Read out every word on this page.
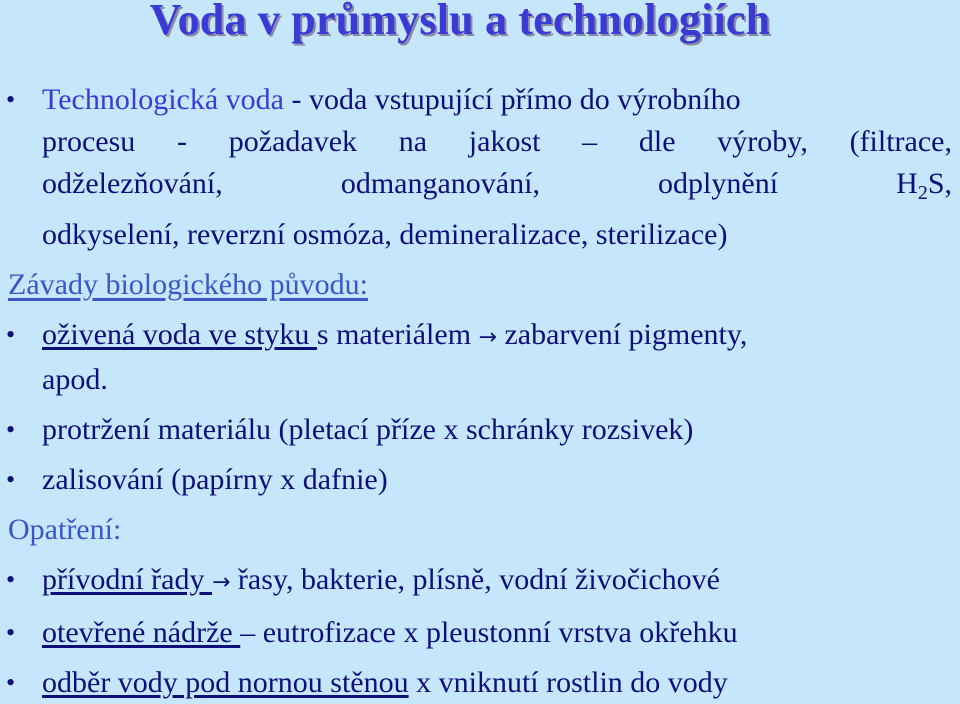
Voda v průmyslu a technologiích
• Technologická voda - voda vstupující přímo do výrobního
procesu - požadavek na jakost – dle výroby, (filtrace,
odželezňování, odmanganování, odplynění $H_2S$,
odkyselení, reverzní osmóza, demineralizace, sterilizace)
Závady biologického původu:
• oživená voda ve styku s materiálem → zabarvení pigmenty,
apod.
• protržení materiálu (pletací příze x schránky rozsivek)
• zalisování (papírny x dafnie)
Opatření:
• přívodní řady → řasy, bakterie, plísně, vodní živočichové
• otevřené nádrže – eutrofizace x pleustonní vrstva okřehku
• odběr vody pod nornou stěnou x vniknutí rostlin do vody
